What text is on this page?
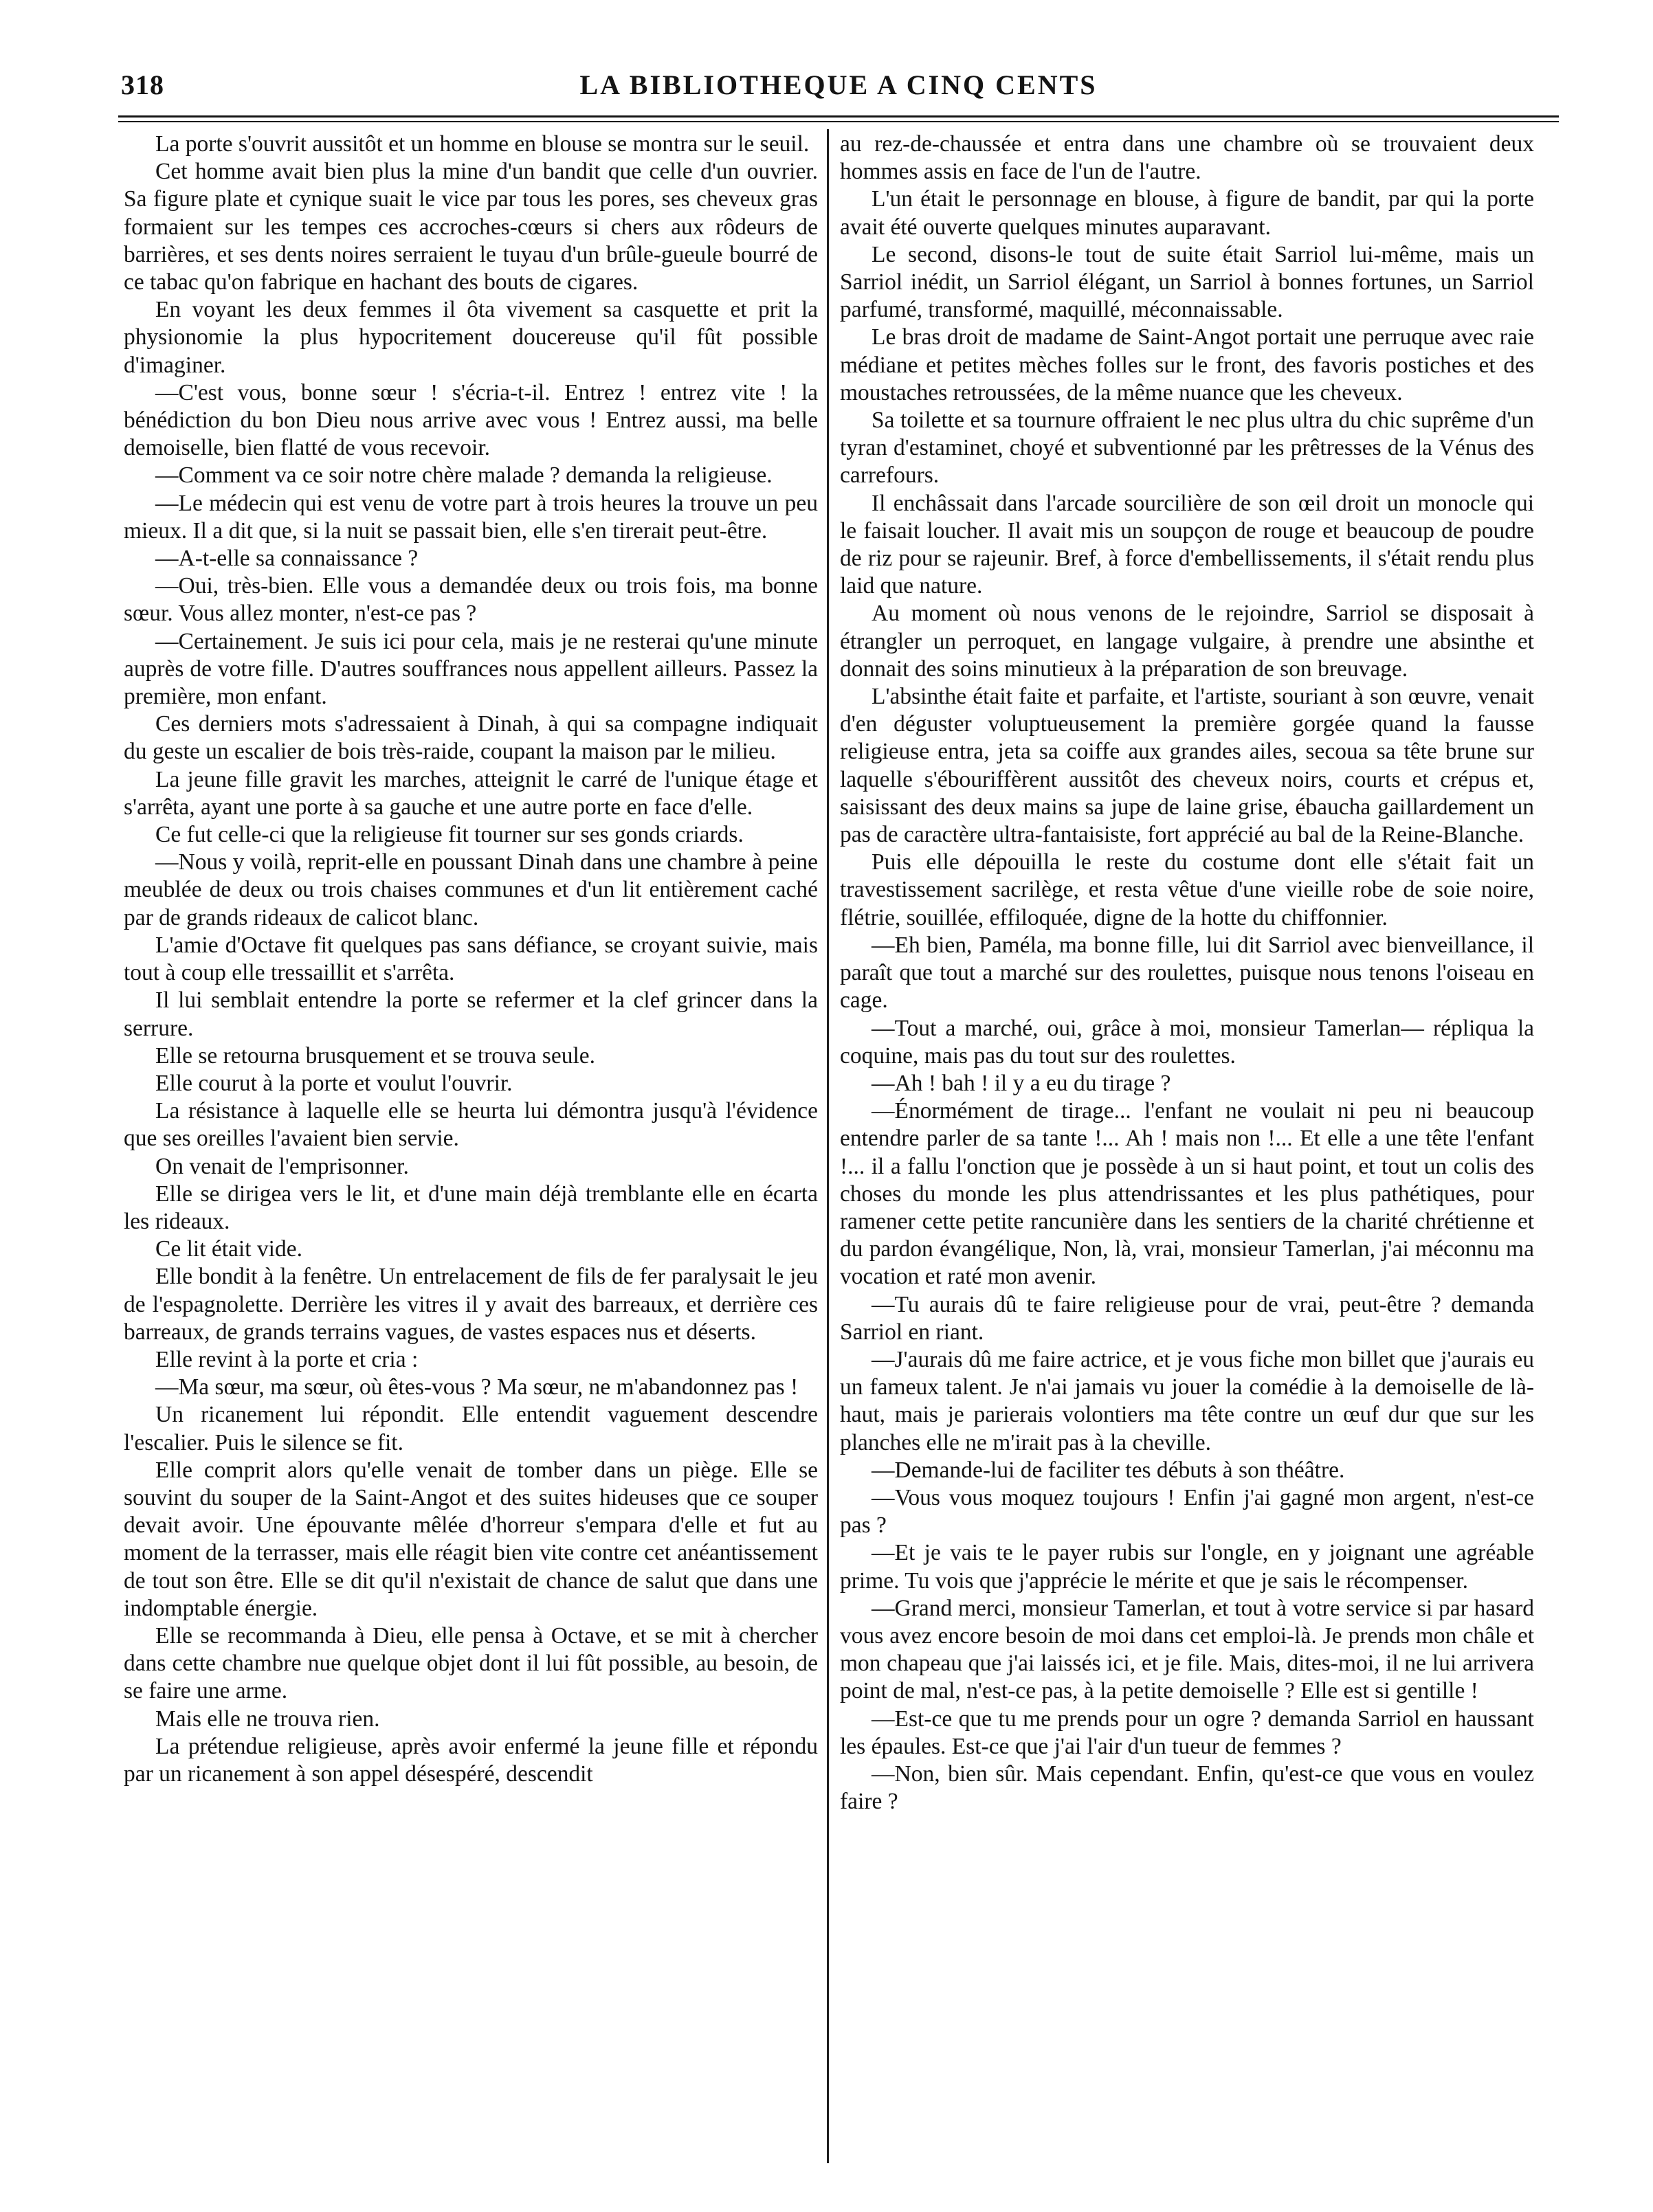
318	LA BIBLIOTHEQUE A CINQ CENTS

La porte s'ouvrit aussitôt et un homme en blouse se montra sur le seuil.

Cet homme avait bien plus la mine d'un bandit que celle d'un ouvrier. Sa figure plate et cynique suait le vice par tous les pores, ses cheveux gras formaient sur les tempes ces accroches-cœurs si chers aux rôdeurs de barrières, et ses dents noires serraient le tuyau d'un brûle-gueule bourré de ce tabac qu'on fabrique en hachant des bouts de cigares.

En voyant les deux femmes il ôta vivement sa casquette et prit la physionomie la plus hypocritement doucereuse qu'il fût possible d'imaginer.

—C'est vous, bonne sœur ! s'écria-t-il. Entrez ! entrez vite ! la bénédiction du bon Dieu nous arrive avec vous ! Entrez aussi, ma belle demoiselle, bien flatté de vous recevoir.

—Comment va ce soir notre chère malade ? demanda la religieuse.

—Le médecin qui est venu de votre part à trois heures la trouve un peu mieux. Il a dit que, si la nuit se passait bien, elle s'en tirerait peut-être.

—A-t-elle sa connaissance ?

—Oui, très-bien. Elle vous a demandée deux ou trois fois, ma bonne sœur. Vous allez monter, n'est-ce pas ?

—Certainement. Je suis ici pour cela, mais je ne resterai qu'une minute auprès de votre fille. D'autres souffrances nous appellent ailleurs. Passez la première, mon enfant.

Ces derniers mots s'adressaient à Dinah, à qui sa compagne indiquait du geste un escalier de bois très-raide, coupant la maison par le milieu.

La jeune fille gravit les marches, atteignit le carré de l'unique étage et s'arrêta, ayant une porte à sa gauche et une autre porte en face d'elle.

Ce fut celle-ci que la religieuse fit tourner sur ses gonds criards.

—Nous y voilà, reprit-elle en poussant Dinah dans une chambre à peine meublée de deux ou trois chaises communes et d'un lit entièrement caché par de grands rideaux de calicot blanc.

L'amie d'Octave fit quelques pas sans défiance, se croyant suivie, mais tout à coup elle tressaillit et s'arrêta.

Il lui semblait entendre la porte se refermer et la clef grincer dans la serrure.

Elle se retourna brusquement et se trouva seule.

Elle courut à la porte et voulut l'ouvrir.

La résistance à laquelle elle se heurta lui démontra jusqu'à l'évidence que ses oreilles l'avaient bien servie.

On venait de l'emprisonner.

Elle se dirigea vers le lit, et d'une main déjà tremblante elle en écarta les rideaux.

Ce lit était vide.

Elle bondit à la fenêtre. Un entrelacement de fils de fer paralysait le jeu de l'espagnolette. Derrière les vitres il y avait des barreaux, et derrière ces barreaux, de grands terrains vagues, de vastes espaces nus et déserts.

Elle revint à la porte et cria :

—Ma sœur, ma sœur, où êtes-vous ? Ma sœur, ne m'abandonnez pas !

Un ricanement lui répondit. Elle entendit vaguement descendre l'escalier. Puis le silence se fit.

Elle comprit alors qu'elle venait de tomber dans un piège. Elle se souvint du souper de la Saint-Angot et des suites hideuses que ce souper devait avoir. Une épouvante mêlée d'horreur s'empara d'elle et fut au moment de la terrasser, mais elle réagit bien vite contre cet anéantissement de tout son être. Elle se dit qu'il n'existait de chance de salut que dans une indomptable énergie.

Elle se recommanda à Dieu, elle pensa à Octave, et se mit à chercher dans cette chambre nue quelque objet dont il lui fût possible, au besoin, de se faire une arme.

Mais elle ne trouva rien.

La prétendue religieuse, après avoir enfermé la jeune fille et répondu par un ricanement à son appel désespéré, descendit

au rez-de-chaussée et entra dans une chambre où se trouvaient deux hommes assis en face de l'un de l'autre.

L'un était le personnage en blouse, à figure de bandit, par qui la porte avait été ouverte quelques minutes auparavant.

Le second, disons-le tout de suite était Sarriol lui-même, mais un Sarriol inédit, un Sarriol élégant, un Sarriol à bonnes fortunes, un Sarriol parfumé, transformé, maquillé, méconnaissable.

Le bras droit de madame de Saint-Angot portait une perruque avec raie médiane et petites mèches folles sur le front, des favoris postiches et des moustaches retroussées, de la même nuance que les cheveux.

Sa toilette et sa tournure offraient le nec plus ultra du chic suprême d'un tyran d'estaminet, choyé et subventionné par les prêtresses de la Vénus des carrefours.

Il enchâssait dans l'arcade sourcilière de son œil droit un monocle qui le faisait loucher. Il avait mis un soupçon de rouge et beaucoup de poudre de riz pour se rajeunir. Bref, à force d'embellissements, il s'était rendu plus laid que nature.

Au moment où nous venons de le rejoindre, Sarriol se disposait à étrangler un perroquet, en langage vulgaire, à prendre une absinthe et donnait des soins minutieux à la préparation de son breuvage.

L'absinthe était faite et parfaite, et l'artiste, souriant à son œuvre, venait d'en déguster voluptueusement la première gorgée quand la fausse religieuse entra, jeta sa coiffe aux grandes ailes, secoua sa tête brune sur laquelle s'ébouriffèrent aussitôt des cheveux noirs, courts et crépus et, saisissant des deux mains sa jupe de laine grise, ébaucha gaillardement un pas de caractère ultra-fantaisiste, fort apprécié au bal de la Reine-Blanche.

Puis elle dépouilla le reste du costume dont elle s'était fait un travestissement sacrilège, et resta vêtue d'une vieille robe de soie noire, flétrie, souillée, effiloquée, digne de la hotte du chiffonnier.

—Eh bien, Paméla, ma bonne fille, lui dit Sarriol avec bienveillance, il paraît que tout a marché sur des roulettes, puisque nous tenons l'oiseau en cage.

—Tout a marché, oui, grâce à moi, monsieur Tamerlan— répliqua la coquine, mais pas du tout sur des roulettes.

—Ah ! bah ! il y a eu du tirage ?

—Énormément de tirage... l'enfant ne voulait ni peu ni beaucoup entendre parler de sa tante !... Ah ! mais non !... Et elle a une tête l'enfant !... il a fallu l'onction que je possède à un si haut point, et tout un colis des choses du monde les plus attendrissantes et les plus pathétiques, pour ramener cette petite rancunière dans les sentiers de la charité chrétienne et du pardon évangélique, Non, là, vrai, monsieur Tamerlan, j'ai méconnu ma vocation et raté mon avenir.

—Tu aurais dû te faire religieuse pour de vrai, peut-être ? demanda Sarriol en riant.

—J'aurais dû me faire actrice, et je vous fiche mon billet que j'aurais eu un fameux talent. Je n'ai jamais vu jouer la comédie à la demoiselle de là-haut, mais je parierais volontiers ma tête contre un œuf dur que sur les planches elle ne m'irait pas à la cheville.

—Demande-lui de faciliter tes débuts à son théâtre.

—Vous vous moquez toujours ! Enfin j'ai gagné mon argent, n'est-ce pas ?

—Et je vais te le payer rubis sur l'ongle, en y joignant une agréable prime. Tu vois que j'apprécie le mérite et que je sais le récompenser.

—Grand merci, monsieur Tamerlan, et tout à votre service si par hasard vous avez encore besoin de moi dans cet emploi-là. Je prends mon châle et mon chapeau que j'ai laissés ici, et je file. Mais, dites-moi, il ne lui arrivera point de mal, n'est-ce pas, à la petite demoiselle ? Elle est si gentille !

—Est-ce que tu me prends pour un ogre ? demanda Sarriol en haussant les épaules. Est-ce que j'ai l'air d'un tueur de femmes ?

—Non, bien sûr. Mais cependant. Enfin, qu'est-ce que vous en voulez faire ?
